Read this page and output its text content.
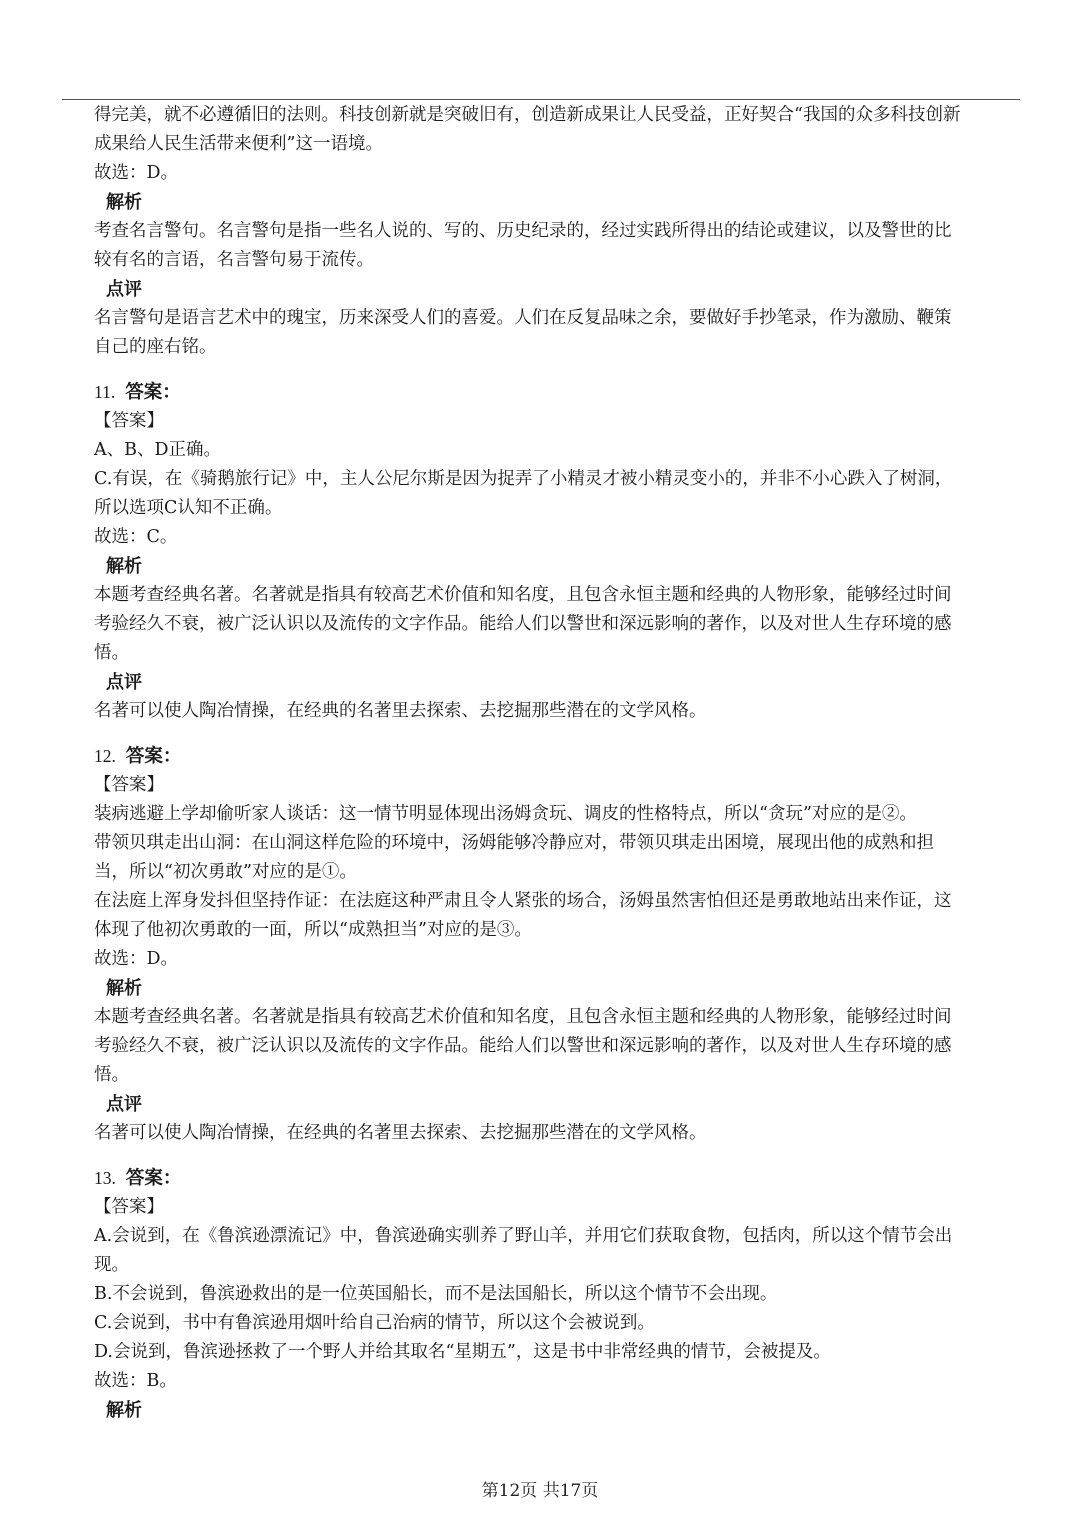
得完美，就不必遵循旧的法则。科技创新就是突破旧有，创造新成果让人民受益，正好契合“我国的众多科技创新
成果给人民生活带来便利”这一语境。
故选：D。
解析
考查名言警句。名言警句是指一些名人说的、写的、历史纪录的，经过实践所得出的结论或建议，以及警世的比
较有名的言语，名言警句易于流传。
点评
名言警句是语言艺术中的瑰宝，历来深受人们的喜爱。人们在反复品味之余，要做好手抄笔录，作为激励、鞭策
自己的座右铭。
11. 答案：
【答案】
A、B、D正确。
C.有误，在《骑鹅旅行记》中，主人公尼尔斯是因为捉弄了小精灵才被小精灵变小的，并非不小心跌入了树洞，
所以选项C认知不正确。
故选：C。
解析
本题考查经典名著。名著就是指具有较高艺术价值和知名度，且包含永恒主题和经典的人物形象，能够经过时间
考验经久不衰，被广泛认识以及流传的文字作品。能给人们以警世和深远影响的著作，以及对世人生存环境的感
悟。
点评
名著可以使人陶冶情操，在经典的名著里去探索、去挖掘那些潜在的文学风格。
12. 答案：
【答案】
装病逃避上学却偷听家人谈话：这一情节明显体现出汤姆贪玩、调皮的性格特点，所以“贪玩”对应的是②。
带领贝琪走出山洞：在山洞这样危险的环境中，汤姆能够冷静应对，带领贝琪走出困境，展现出他的成熟和担
当，所以“初次勇敢”对应的是①。
在法庭上浑身发抖但坚持作证：在法庭这种严肃且令人紧张的场合，汤姆虽然害怕但还是勇敢地站出来作证，这
体现了他初次勇敢的一面，所以“成熟担当”对应的是③。
故选：D。
解析
本题考查经典名著。名著就是指具有较高艺术价值和知名度，且包含永恒主题和经典的人物形象，能够经过时间
考验经久不衰，被广泛认识以及流传的文字作品。能给人们以警世和深远影响的著作，以及对世人生存环境的感
悟。
点评
名著可以使人陶冶情操，在经典的名著里去探索、去挖掘那些潜在的文学风格。
13. 答案：
【答案】
A.会说到，在《鲁滨逊漂流记》中，鲁滨逊确实驯养了野山羊，并用它们获取食物，包括肉，所以这个情节会出
现。
B.不会说到，鲁滨逊救出的是一位英国船长，而不是法国船长，所以这个情节不会出现。
C.会说到，书中有鲁滨逊用烟叶给自己治病的情节，所以这个会被说到。
D.会说到，鲁滨逊拯救了一个野人并给其取名“星期五”，这是书中非常经典的情节，会被提及。
故选：B。
解析
第12页 共17页
